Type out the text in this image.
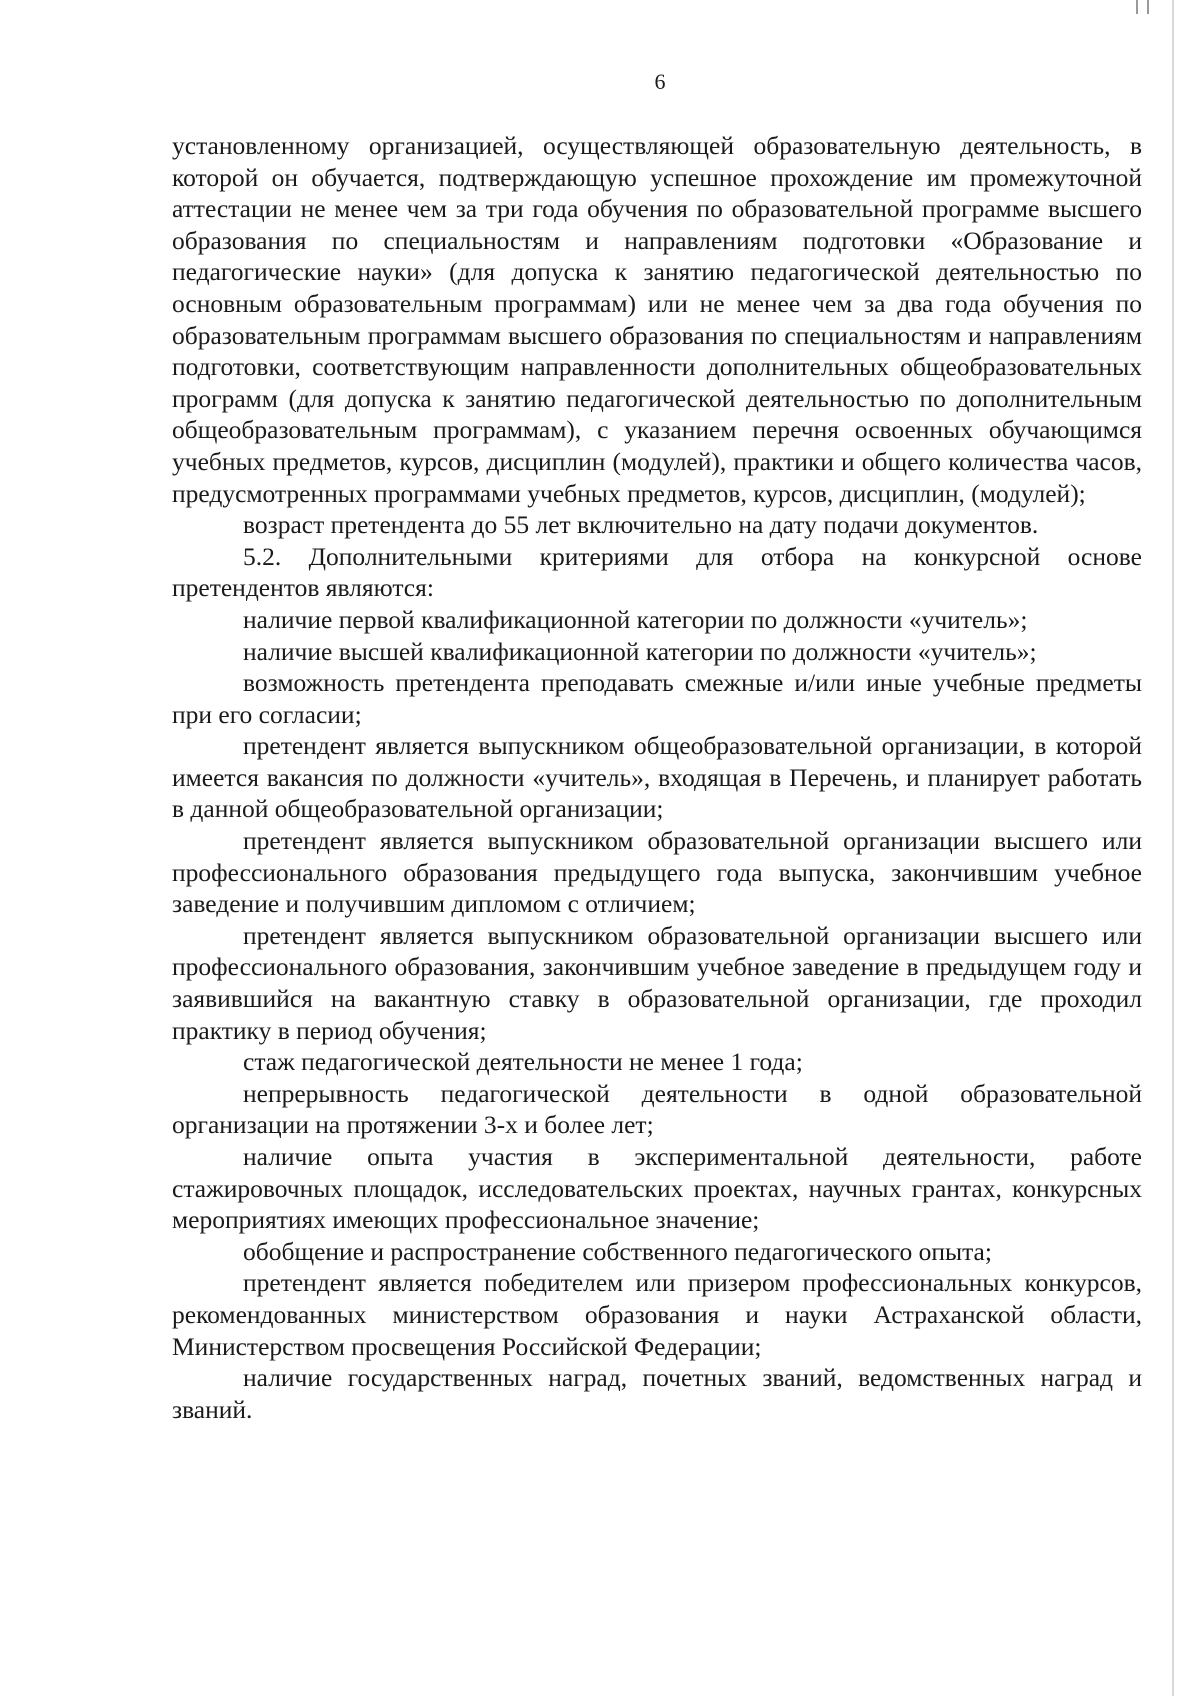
6

установленному организацией, осуществляющей образовательную деятельность, в которой он обучается, подтверждающую успешное прохождение им промежуточной аттестации не менее чем за три года обучения по образовательной программе высшего образования по специальностям и направлениям подготовки «Образование и педагогические науки» (для допуска к занятию педагогической деятельностью по основным образовательным программам) или не менее чем за два года обучения по образовательным программам высшего образования по специальностям и направлениям подготовки, соответствующим направленности дополнительных общеобразовательных программ (для допуска к занятию педагогической деятельностью по дополнительным общеобразовательным программам), с указанием перечня освоенных обучающимся учебных предметов, курсов, дисциплин (модулей), практики и общего количества часов, предусмотренных программами учебных предметов, курсов, дисциплин, (модулей);

возраст претендента до 55 лет включительно на дату подачи документов.

5.2. Дополнительными критериями для отбора на конкурсной основе претендентов являются:

наличие первой квалификационной категории по должности «учитель»;

наличие высшей квалификационной категории по должности «учитель»;

возможность претендента преподавать смежные и/или иные учебные предметы при его согласии;

претендент является выпускником общеобразовательной организации, в которой имеется вакансия по должности «учитель», входящая в Перечень, и планирует работать в данной общеобразовательной организации;

претендент является выпускником образовательной организации высшего или профессионального образования предыдущего года выпуска, закончившим учебное заведение и получившим дипломом с отличием;

претендент является выпускником образовательной организации высшего или профессионального образования, закончившим учебное заведение в предыдущем году и заявившийся на вакантную ставку в образовательной организации, где проходил практику в период обучения;

стаж педагогической деятельности не менее 1 года;

непрерывность педагогической деятельности в одной образовательной организации на протяжении 3-х и более лет;

наличие опыта участия в экспериментальной деятельности, работе стажировочных площадок, исследовательских проектах, научных грантах, конкурсных мероприятиях имеющих профессиональное значение;

обобщение и распространение собственного педагогического опыта;

претендент является победителем или призером профессиональных конкурсов, рекомендованных министерством образования и науки Астраханской области, Министерством просвещения Российской Федерации;

наличие государственных наград, почетных званий, ведомственных наград и званий.
